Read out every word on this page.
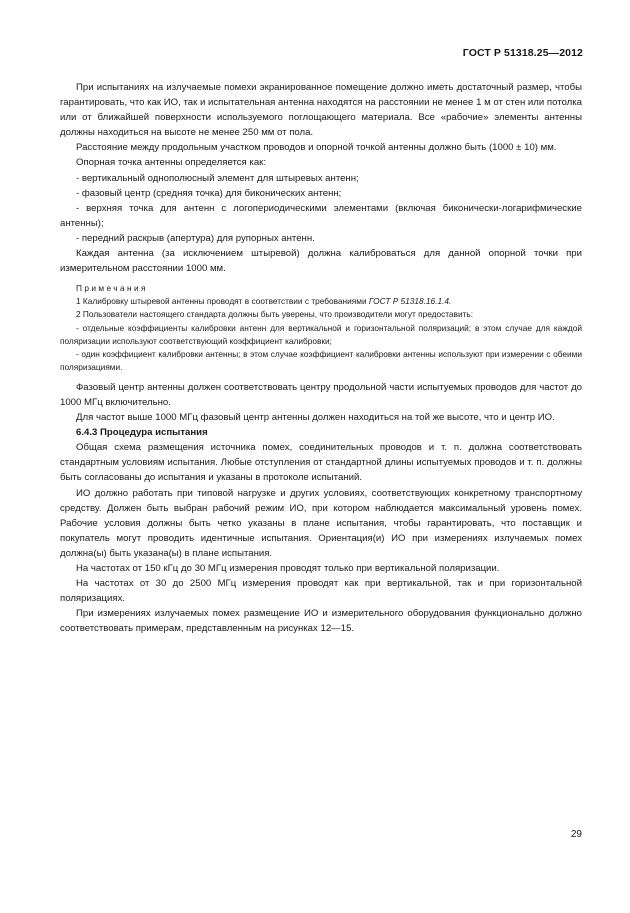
ГОСТ Р 51318.25—2012

При испытаниях на излучаемые помехи экранированное помещение должно иметь достаточный размер, чтобы гарантировать, что как ИО, так и испытательная антенна находятся на расстоянии не менее 1 м от стен или потолка или от ближайшей поверхности используемого поглощающего материала. Все «рабочие» элементы антенны должны находиться на высоте не менее 250 мм от пола.

Расстояние между продольным участком проводов и опорной точкой антенны должно быть (1000 ± 10) мм.

Опорная точка антенны определяется как:

- вертикальный однополюсный элемент для штыревых антенн;

- фазовый центр (средняя точка) для биконических антенн;

- верхняя точка для антенн с логопериодическими элементами (включая биконически-логарифмические антенны);

- передний раскрыв (апертура) для рупорных антенн.

Каждая антенна (за исключением штыревой) должна калиброваться для данной опорной точки при измерительном расстоянии 1000 мм.

Примечания

1 Калибровку штыревой антенны проводят в соответствии с требованиями ГОСТ Р 51318.16.1.4.

2 Пользователи настоящего стандарта должны быть уверены, что производители могут предоставить:

- отдельные коэффициенты калибровки антенн для вертикальной и горизонтальной поляризаций; в этом случае для каждой поляризации используют соответствующий коэффициент калибровки;

- один коэффициент калибровки антенны; в этом случае коэффициент калибровки антенны используют при измерении с обеими поляризациями.

Фазовый центр антенны должен соответствовать центру продольной части испытуемых проводов для частот до 1000 МГц включительно.

Для частот выше 1000 МГц фазовый центр антенны должен находиться на той же высоте, что и центр ИО.

6.4.3 Процедура испытания

Общая схема размещения источника помех, соединительных проводов и т. п. должна соответствовать стандартным условиям испытания. Любые отступления от стандартной длины испытуемых проводов и т. п. должны быть согласованы до испытания и указаны в протоколе испытаний.

ИО должно работать при типовой нагрузке и других условиях, соответствующих конкретному транспортному средству. Должен быть выбран рабочий режим ИО, при котором наблюдается максимальный уровень помех. Рабочие условия должны быть четко указаны в плане испытания, чтобы гарантировать, что поставщик и покупатель могут проводить идентичные испытания. Ориентация(и) ИО при измерениях излучаемых помех должна(ы) быть указана(ы) в плане испытания.

На частотах от 150 кГц до 30 МГц измерения проводят только при вертикальной поляризации.

На частотах от 30 до 2500 МГц измерения проводят как при вертикальной, так и при горизонтальной поляризациях.

При измерениях излучаемых помех размещение ИО и измерительного оборудования функционально должно соответствовать примерам, представленным на рисунках 12—15.

29
